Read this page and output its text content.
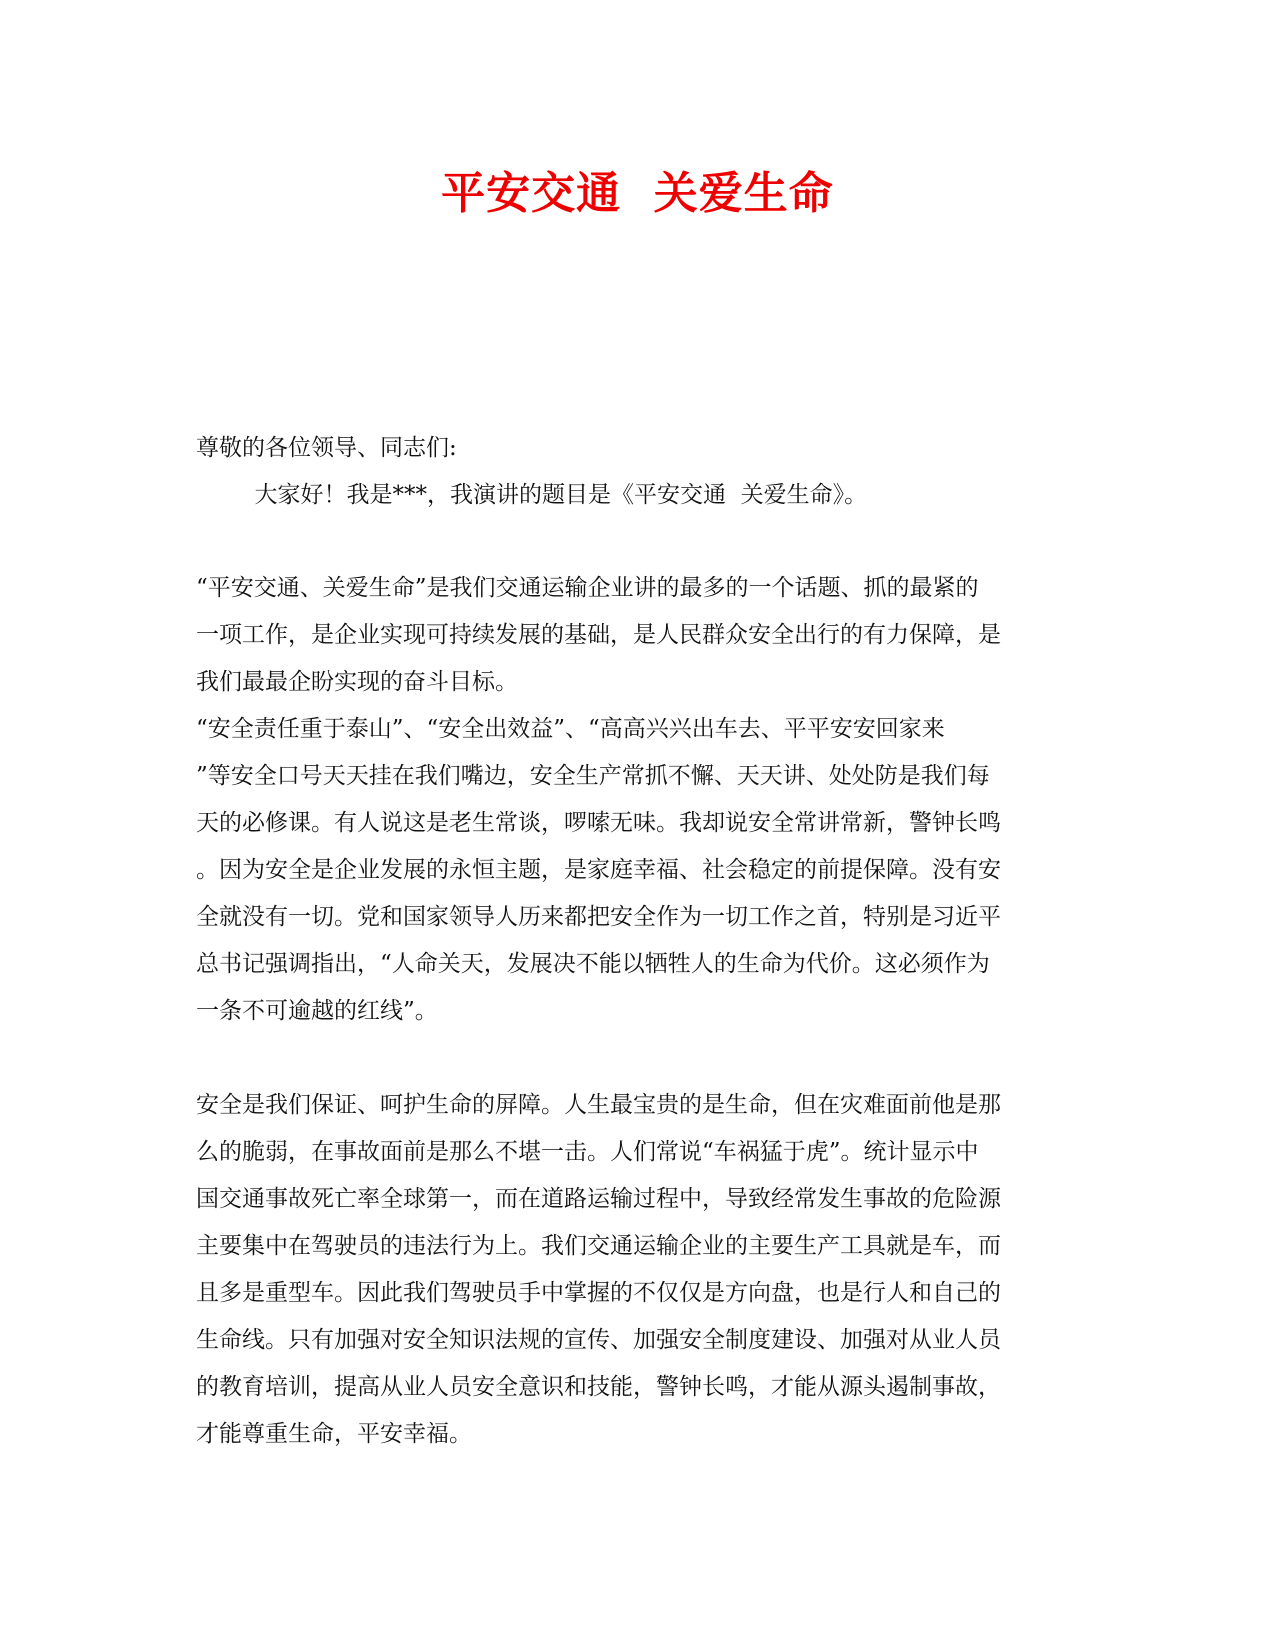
平安交通  关爱生命
尊敬的各位领导、同志们:
大家好！我是***，我演讲的题目是《平安交通  关爱生命》。
“平安交通、关爱生命”是我们交通运输企业讲的最多的一个话题、抓的最紧的
一项工作，是企业实现可持续发展的基础，是人民群众安全出行的有力保障，是
我们最最企盼实现的奋斗目标。
“安全责任重于泰山”、“安全出效益”、“高高兴兴出车去、平平安安回家来
”等安全口号天天挂在我们嘴边，安全生产常抓不懈、天天讲、处处防是我们每
天的必修课。有人说这是老生常谈，啰嗦无味。我却说安全常讲常新，警钟长鸣
。因为安全是企业发展的永恒主题，是家庭幸福、社会稳定的前提保障。没有安
全就没有一切。党和国家领导人历来都把安全作为一切工作之首，特别是习近平
总书记强调指出，“人命关天，发展决不能以牺牲人的生命为代价。这必须作为
一条不可逾越的红线”。
安全是我们保证、呵护生命的屏障。人生最宝贵的是生命，但在灾难面前他是那
么的脆弱，在事故面前是那么不堪一击。人们常说“车祸猛于虎”。统计显示中
国交通事故死亡率全球第一，而在道路运输过程中，导致经常发生事故的危险源
主要集中在驾驶员的违法行为上。我们交通运输企业的主要生产工具就是车，而
且多是重型车。因此我们驾驶员手中掌握的不仅仅是方向盘，也是行人和自己的
生命线。只有加强对安全知识法规的宣传、加强安全制度建设、加强对从业人员
的教育培训，提高从业人员安全意识和技能，警钟长鸣，才能从源头遏制事故，
才能尊重生命，平安幸福。
